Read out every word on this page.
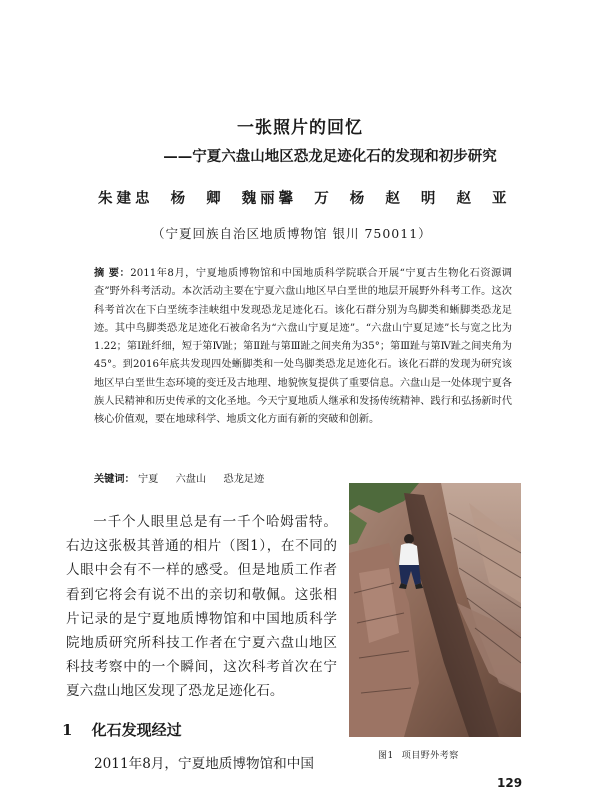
一张照片的回忆
——宁夏六盘山地区恐龙足迹化石的发现和初步研究
朱建忠 杨 卿 魏丽馨 万 杨 赵 明 赵 亚
（宁夏回族自治区地质博物馆 银川 750011）
摘 要：2011年8月，宁夏地质博物馆和中国地质科学院联合开展“宁夏古生物化石资源调查”野外科考活动。本次活动主要在宁夏六盘山地区早白垩世的地层开展野外科考工作。这次科考首次在下白垩统李洼峡组中发现恐龙足迹化石。该化石群分别为鸟脚类和蜥脚类恐龙足迹。其中鸟脚类恐龙足迹化石被命名为“六盘山宁夏足迹”。“六盘山宁夏足迹”长与宽之比为1.22；第Ⅰ趾纤细，短于第Ⅳ趾；第Ⅱ趾与第Ⅲ趾之间夹角为35°；第Ⅲ趾与第Ⅳ趾之间夹角为45°。到2016年底共发现四处蜥脚类和一处鸟脚类恐龙足迹化石。该化石群的发现为研究该地区早白垩世生态环境的变迁及古地理、地貌恢复提供了重要信息。六盘山是一处体现宁夏各族人民精神和历史传承的文化圣地。今天宁夏地质人继承和发扬传统精神、践行和弘扬新时代核心价值观，要在地球科学、地质文化方面有新的突破和创新。
关键词： 宁夏 六盘山 恐龙足迹
一千个人眼里总是有一千个哈姆雷特。右边这张极其普通的相片（图1），在不同的人眼中会有不一样的感受。但是地质工作者看到它将会有说不出的亲切和敬佩。这张相片记录的是宁夏地质博物馆和中国地质科学院地质研究所科技工作者在宁夏六盘山地区科技考察中的一个瞬间，这次科考首次在宁夏六盘山地区发现了恐龙足迹化石。
1 化石发现经过
2011年8月，宁夏地质博物馆和中国	图1 项目野外考察
129
